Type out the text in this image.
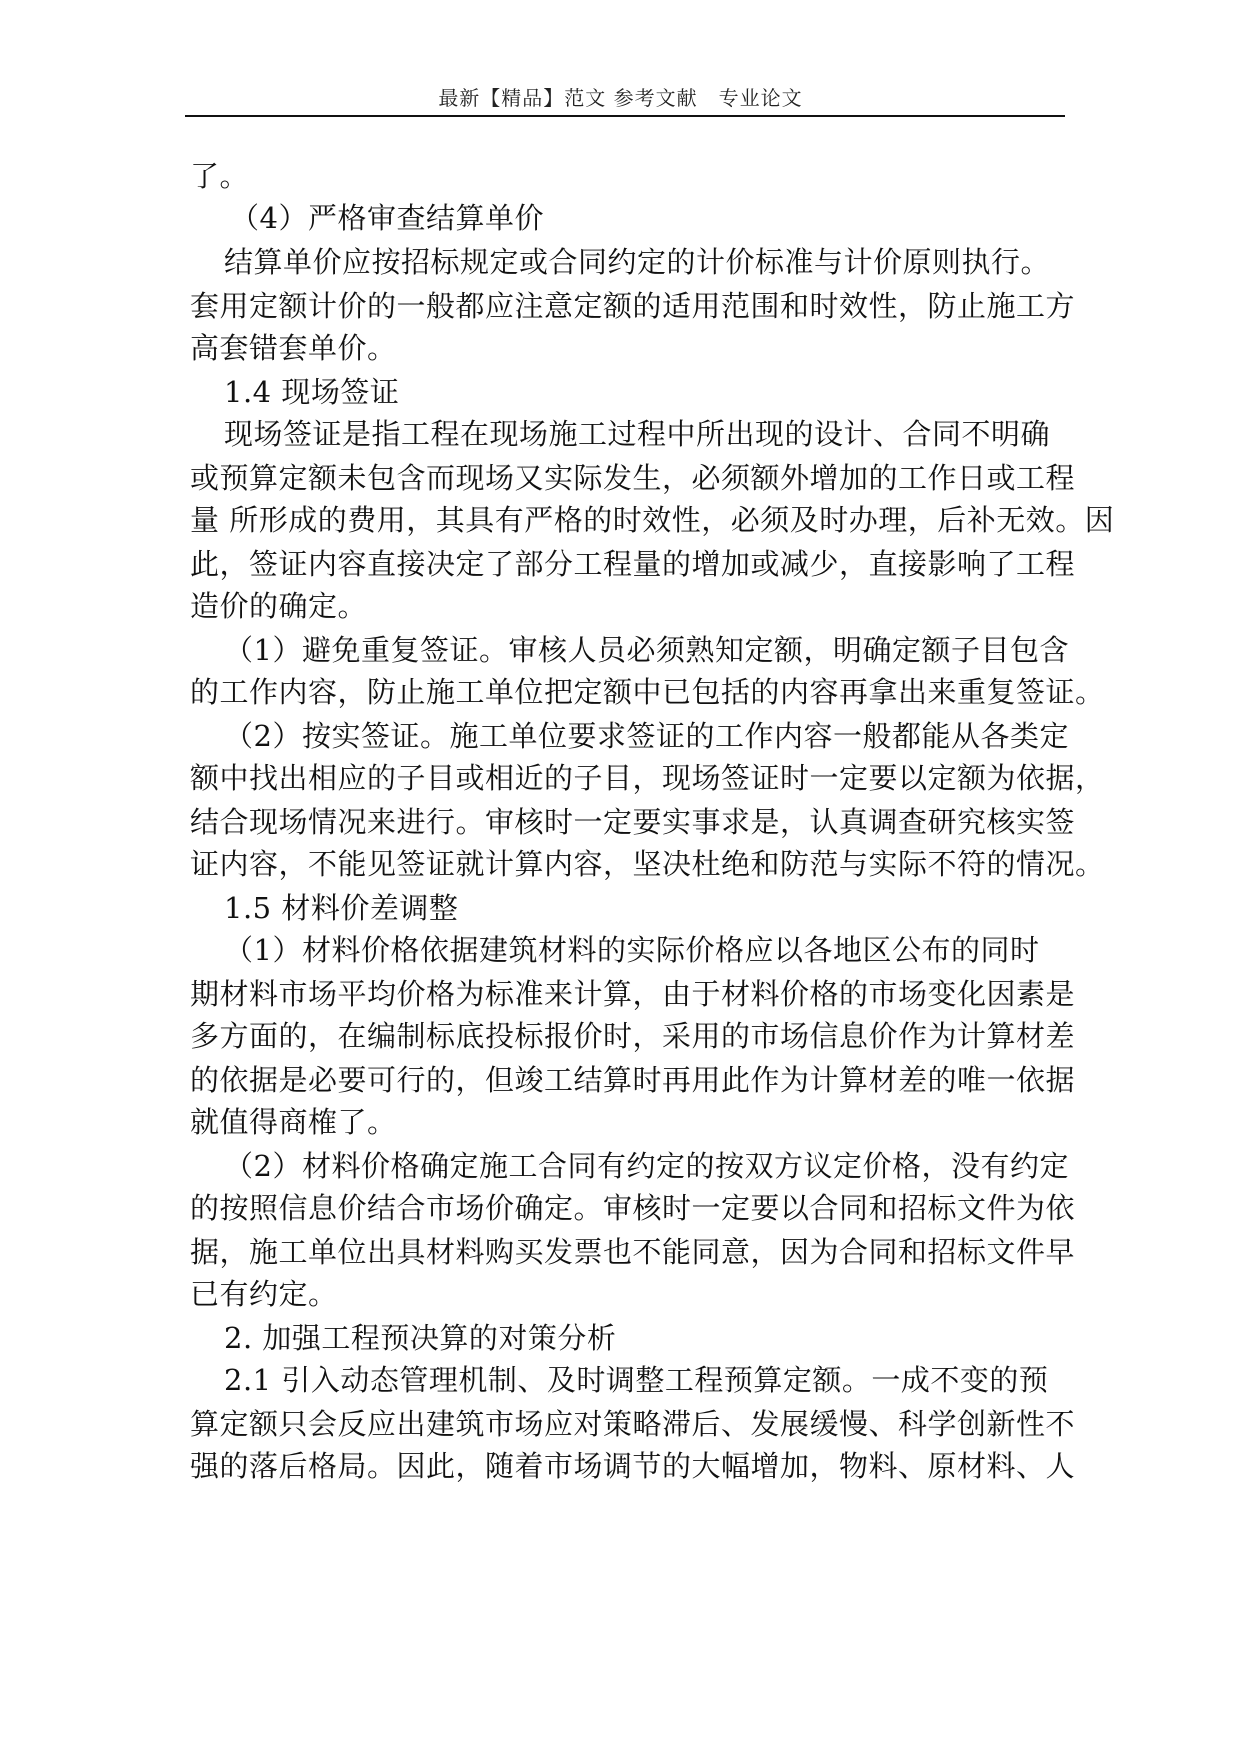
最新【精品】范文 参考文献　专业论文
了。
（4）严格审查结算单价
结算单价应按招标规定或合同约定的计价标准与计价原则执行。
套用定额计价的一般都应注意定额的适用范围和时效性，防止施工方
高套错套单价。
1.4 现场签证
现场签证是指工程在现场施工过程中所出现的设计、合同不明确
或预算定额未包含而现场又实际发生，必须额外增加的工作日或工程
量 所形成的费用，其具有严格的时效性，必须及时办理，后补无效。因
此，签证内容直接决定了部分工程量的增加或减少，直接影响了工程
造价的确定。
（1）避免重复签证。审核人员必须熟知定额，明确定额子目包含
的工作内容，防止施工单位把定额中已包括的内容再拿出来重复签证。
（2）按实签证。施工单位要求签证的工作内容一般都能从各类定
额中找出相应的子目或相近的子目，现场签证时一定要以定额为依据，
结合现场情况来进行。审核时一定要实事求是，认真调查研究核实签
证内容，不能见签证就计算内容，坚决杜绝和防范与实际不符的情况。
1.5 材料价差调整
（1）材料价格依据建筑材料的实际价格应以各地区公布的同时
期材料市场平均价格为标准来计算，由于材料价格的市场变化因素是
多方面的，在编制标底投标报价时，采用的市场信息价作为计算材差
的依据是必要可行的，但竣工结算时再用此作为计算材差的唯一依据
就值得商榷了。
（2）材料价格确定施工合同有约定的按双方议定价格，没有约定
的按照信息价结合市场价确定。审核时一定要以合同和招标文件为依
据，施工单位出具材料购买发票也不能同意，因为合同和招标文件早
已有约定。
2. 加强工程预决算的对策分析
2.1 引入动态管理机制、及时调整工程预算定额。一成不变的预
算定额只会反应出建筑市场应对策略滞后、发展缓慢、科学创新性不
强的落后格局。因此，随着市场调节的大幅增加，物料、原材料、人
